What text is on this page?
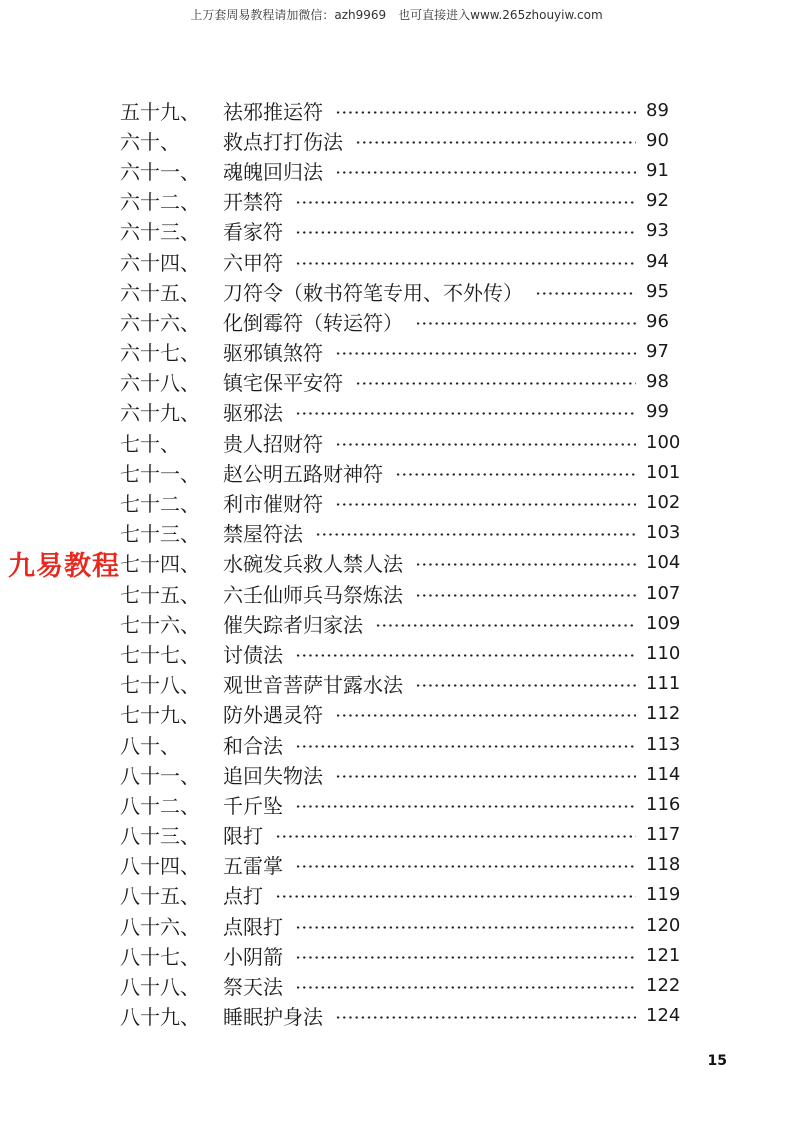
上万套周易教程请加微信：azh9969　也可直接进入www.265zhouyiw.com
五十九、	祛邪推运符	89
六十、	救点打打伤法	90
六十一、	魂魄回归法	91
六十二、	开禁符	92
六十三、	看家符	93
六十四、	六甲符	94
六十五、	刀符令（敕书符笔专用、不外传）	95
六十六、	化倒霉符（转运符）	96
六十七、	驱邪镇煞符	97
六十八、	镇宅保平安符	98
六十九、	驱邪法	99
七十、	贵人招财符	100
七十一、	赵公明五路财神符	101
七十二、	利市催财符	102
七十三、	禁屋符法	103
七十四、	水碗发兵救人禁人法	104
七十五、	六壬仙师兵马祭炼法	107
七十六、	催失踪者归家法	109
七十七、	讨债法	110
七十八、	观世音菩萨甘露水法	111
七十九、	防外遇灵符	112
八十、	和合法	113
八十一、	追回失物法	114
八十二、	千斤坠	116
八十三、	限打	117
八十四、	五雷掌	118
八十五、	点打	119
八十六、	点限打	120
八十七、	小阴箭	121
八十八、	祭天法	122
八十九、	睡眠护身法	124
九易教程
15
